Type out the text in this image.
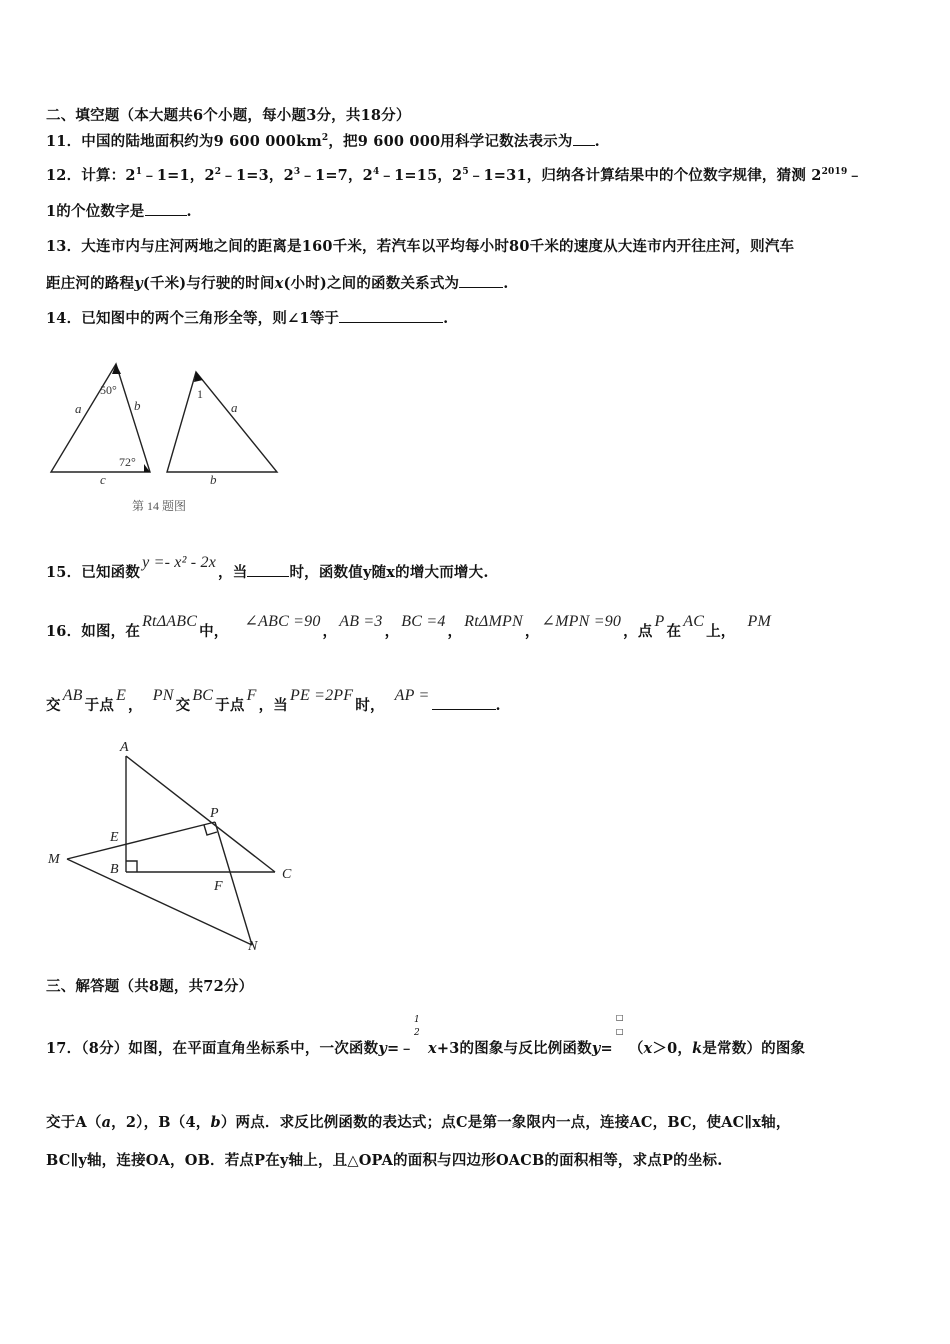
二、填空题（本大题共6个小题，每小题3分，共18分）
11．中国的陆地面积约为9 600 $000km^2$，把9 600 000用科学记数法表示为 .
12．计算：$2^1﹣1=1$，$2^2﹣1=3$，$2^3﹣1=7$，$2^4﹣1=15$，$2^5﹣1=31$，归纳各计算结果中的个位数字规律，猜测 $2^{2019}﹣$
1的个位数字是	.
13．大连市内与庄河两地之间的距离是160千米，若汽车以平均每小时80千米的速度从大连市内开往庄河，则汽车
距庄河的路程y(千米)与行驶的时间x(小时)之间的函数关系式为	.
14．已知图中的两个三角形全等，则∠1等于	.
50°
72°
a	b
c
1
a
b
第 14 题图
15．已知函数y =- x² - 2x，当	时，函数值y随x的增大而增大.
16．如图，在RtΔABC中，∠ABC =90，AB =3，BC =4，RtΔMPN，∠MPN =90，点P在AC上，PM
交AB于点E，PN交BC于点F，当PE =2PF时，AP =.
A
B	C
E
P
F
M
N
三、解答题（共8题，共72分）
17．（8分）如图，在平面直角坐标系中，一次函数y=﹣
1
2
x+3的图象与反比例函数y=
□
□
（x＞0，k是常数）的图象
交于A（a，2），B（4，b）两点．求反比例函数的表达式；点C是第一象限内一点，连接AC，BC，使AC∥x轴，
BC∥y轴，连接OA，OB．若点P在y轴上，且△OPA的面积与四边形OACB的面积相等，求点P的坐标.
